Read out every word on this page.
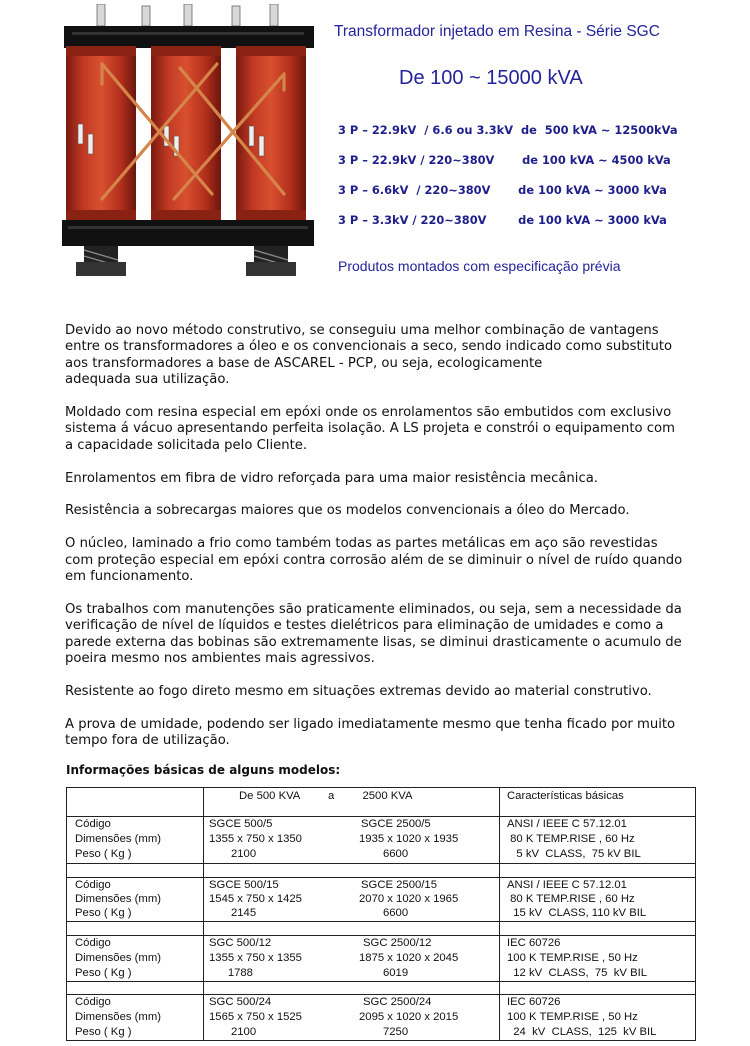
Transformador injetado em Resina - Série SGC
De 100 ~ 15000 kVA
3 P – 22.9kV  / 6.6 ou 3.3kV  de  500 kVA ~ 12500kVa
3 P – 22.9kV / 220~380V       de 100 kVA ~ 4500 kVa
3 P – 6.6kV  / 220~380V       de 100 kVA ~ 3000 kVa
3 P – 3.3kV / 220~380V        de 100 kVA ~ 3000 kVa
Produtos montados com especificação prévia

Devido ao novo método construtivo, se conseguiu uma melhor combinação de vantagens
entre os transformadores a óleo e os convencionais a seco, sendo indicado como substituto
aos transformadores a base de ASCAREL - PCP, ou seja, ecologicamente
adequada sua utilização.

Moldado com resina especial em epóxi onde os enrolamentos são embutidos com exclusivo
sistema á vácuo apresentando perfeita isolação. A LS projeta e constrói o equipamento com
a capacidade solicitada pelo Cliente.

Enrolamentos em fibra de vidro reforçada para uma maior resistência mecânica.

Resistência a sobrecargas maiores que os modelos convencionais a óleo do Mercado.

O núcleo, laminado a frio como também todas as partes metálicas em aço são revestidas
com proteção especial em epóxi contra corrosão além de se diminuir o nível de ruído quando
em funcionamento.

Os trabalhos com manutenções são praticamente eliminados, ou seja, sem a necessidade da
verificação de nível de líquidos e testes dielétricos para eliminação de umidades e como a
parede externa das bobinas são extremamente lisas, se diminui drasticamente o acumulo de
poeira mesmo nos ambientes mais agressivos.

Resistente ao fogo direto mesmo em situações extremas devido ao material construtivo.

A prova de umidade, podendo ser ligado imediatamente mesmo que tenha ficado por muito
tempo fora de utilização.

Informações básicas de alguns modelos:
De 500 KVA         a         2500 KVA	Características básicas
Código
Dimensões (mm)
Peso ( Kg )
SGCE 500/5
1355 x 750 x 1350
2100
SGCE 2500/5
1935 x 1020 x 1935
6600
ANSI / IEEE C 57.12.01
80 K TEMP.RISE , 60 Hz
5 kV  CLASS,  75 kV BIL
Código
Dimensões (mm)
Peso ( Kg )
SGCE 500/15
1545 x 750 x 1425
2145
SGCE 2500/15
2070 x 1020 x 1965
6600
ANSI / IEEE C 57.12.01
80 K TEMP.RISE , 60 Hz
15 kV  CLASS, 110 kV BIL
Código
Dimensões (mm)
Peso ( Kg )
SGC 500/12
1355 x 750 x 1355
1788
SGC 2500/12
1875 x 1020 x 2045
6019
IEC 60726
100 K TEMP.RISE , 50 Hz
12 kV  CLASS,  75  kV BIL
Código
Dimensões (mm)
Peso ( Kg )
SGC 500/24
1565 x 750 x 1525
2100
SGC 2500/24
2095 x 1020 x 2015
7250
IEC 60726
100 K TEMP.RISE , 50 Hz
24  kV  CLASS,  125  kV BIL
